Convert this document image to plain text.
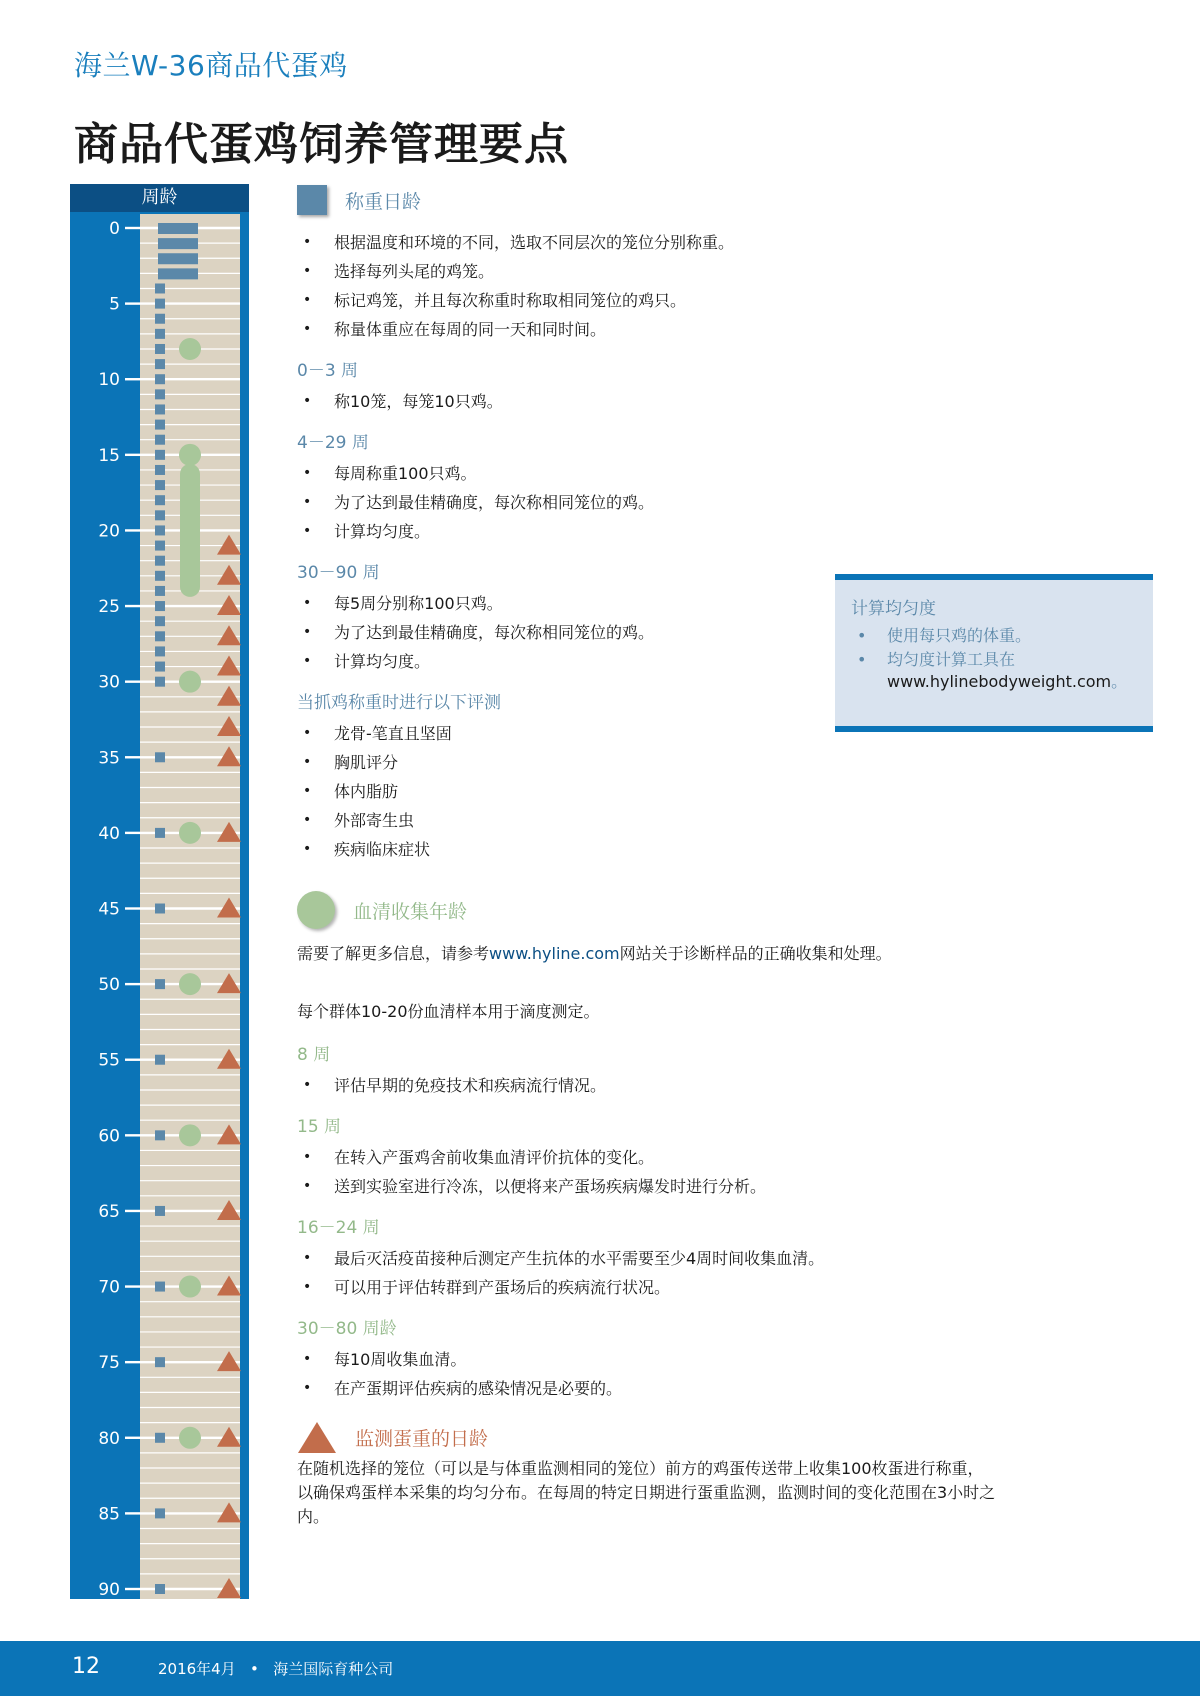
海兰W-36商品代蛋鸡
商品代蛋鸡饲养管理要点
周龄
0
5
10
15
20
25
30
35
40
45
50
55
60
65
70
75
80
85
90
称重日龄
• 根据温度和环境的不同，选取不同层次的笼位分别称重。
• 选择每列头尾的鸡笼。
• 标记鸡笼，并且每次称重时称取相同笼位的鸡只。
• 称量体重应在每周的同一天和同时间。
0－3 周
• 称10笼，每笼10只鸡。
4－29 周
• 每周称重100只鸡。
• 为了达到最佳精确度，每次称相同笼位的鸡。
• 计算均匀度。
30－90 周
• 每5周分别称100只鸡。
• 为了达到最佳精确度，每次称相同笼位的鸡。
• 计算均匀度。
当抓鸡称重时进行以下评测
• 龙骨-笔直且坚固
• 胸肌评分
• 体内脂肪
• 外部寄生虫
• 疾病临床症状
血清收集年龄
需要了解更多信息，请参考www.hyline.com网站关于诊断样品的正确收集和处理。
每个群体10-20份血清样本用于滴度测定。
8 周
• 评估早期的免疫技术和疾病流行情况。
15 周
• 在转入产蛋鸡舍前收集血清评价抗体的变化。
• 送到实验室进行冷冻，以便将来产蛋场疾病爆发时进行分析。
16－24 周
• 最后灭活疫苗接种后测定产生抗体的水平需要至少4周时间收集血清。
• 可以用于评估转群到产蛋场后的疾病流行状况。
30－80 周龄
• 每10周收集血清。
• 在产蛋期评估疾病的感染情况是必要的。
监测蛋重的日龄
在随机选择的笼位（可以是与体重监测相同的笼位）前方的鸡蛋传送带上收集100枚蛋进行称重，以确保鸡蛋样本采集的均匀分布。在每周的特定日期进行蛋重监测，监测时间的变化范围在3小时之内。
计算均匀度
• 使用每只鸡的体重。
• 均匀度计算工具在
www.hylinebodyweight.com。
12	2016年4月 • 海兰国际育种公司
